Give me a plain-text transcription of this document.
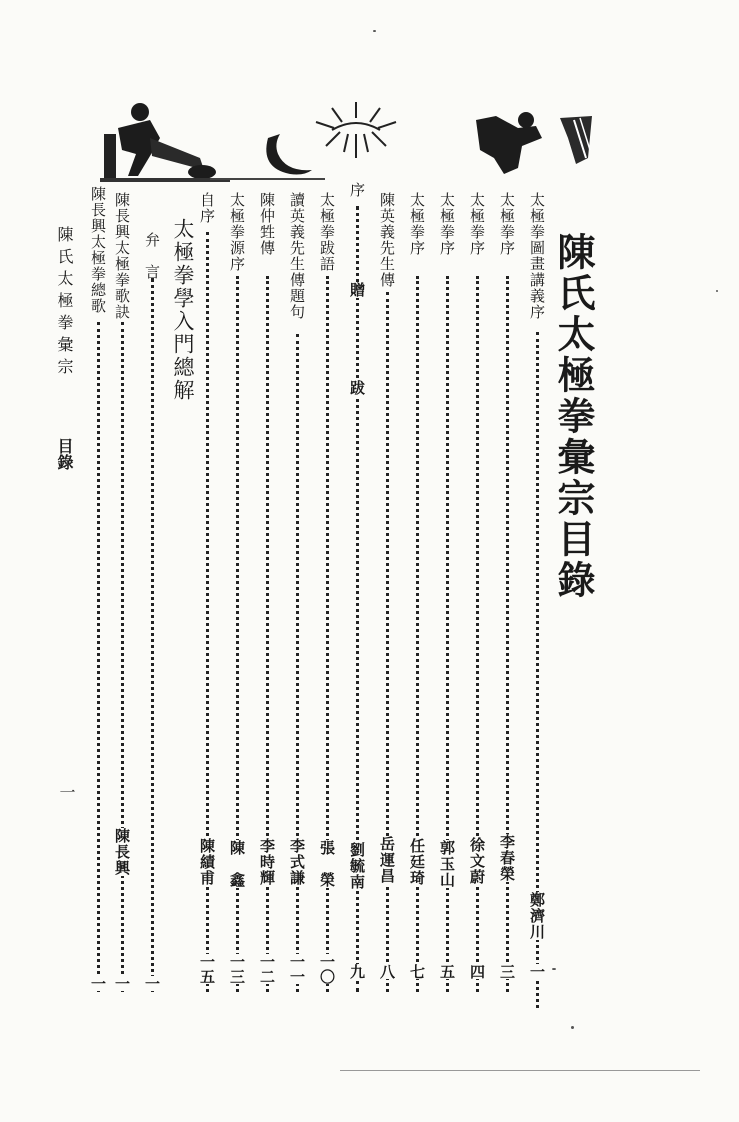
陳氏太極拳彙宗目錄
太極拳圖畫講義序
鄭濟川
一
太極拳序
李春榮
三
太極拳序
徐文蔚
四
太極拳序
郭玉山
五
太極拳序
任廷琦
七
陳英義先生傳
岳運昌
八
序
贈
跋
劉毓南
九
太極拳跋語
張　榮
一〇
讀英義先生傳題句
李式謙
一一
陳仲甡傳
李時輝
一二
太極拳源序
陳　鑫
一三
自序
陳績甫
一五
太極拳學入門總解
弁　言
一
陳長興太極拳歌訣
陳長興
一
陳長興太極拳總歌
一
陳氏太極拳彙宗
目錄
一
